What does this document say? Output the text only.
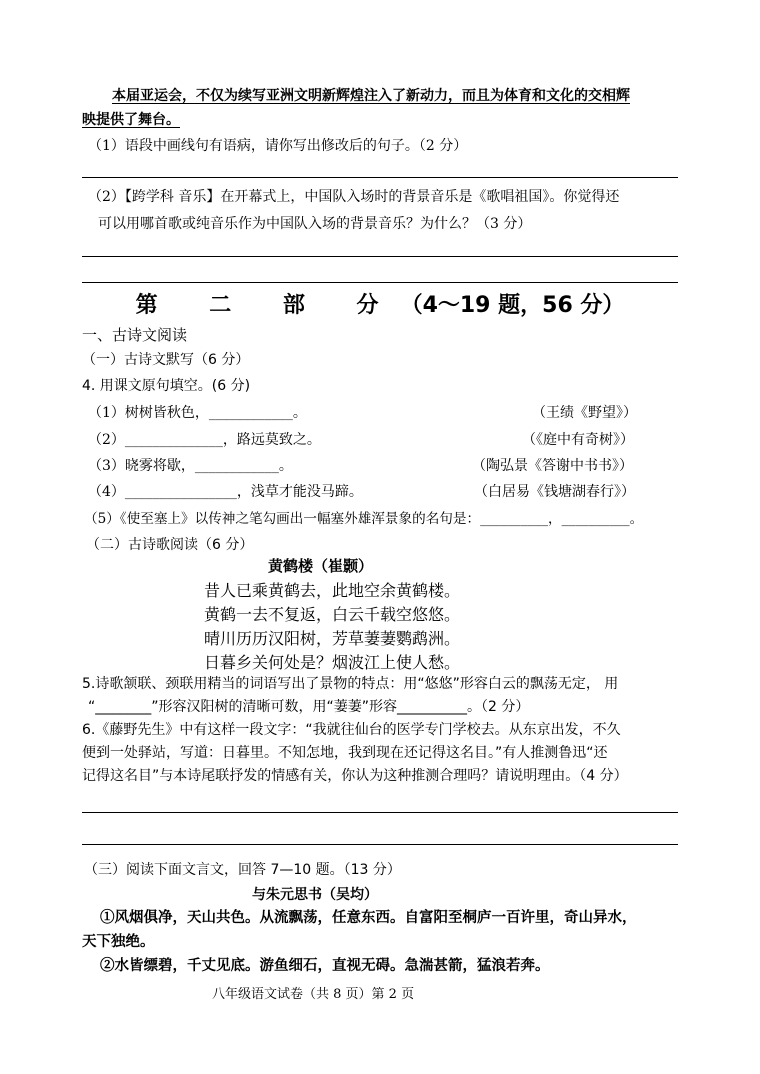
本届亚运会，不仅为续写亚洲文明新辉煌注入了新动力，而且为体育和文化的交相辉
映提供了舞台。
（1）语段中画线句有语病，请你写出修改后的句子。（2 分）
（2）【跨学科 音乐】在开幕式上，中国队入场时的背景音乐是《歌唱祖国》。你觉得还
可以用哪首歌或纯音乐作为中国队入场的背景音乐？为什么？（3 分）
第 二 部 分（4～19 题，56 分）
一、古诗文阅读
（一）古诗文默写（6 分）
4. 用课文原句填空。(6 分)
（1）树树皆秋色，____________。	（王绩《野望》）
（2）______________，路远莫致之。	（《庭中有奇树》）
（3）晓雾将歇，____________。	（陶弘景《答谢中书书》）
（4）________________，浅草才能没马蹄。	（白居易《钱塘湖春行》）
（5）《使至塞上》以传神之笔勾画出一幅塞外雄浑景象的名句是：__________，__________。
（二）古诗歌阅读（6 分）
黄鹤楼（崔颢）
昔人已乘黄鹤去，此地空余黄鹤楼。
黄鹤一去不复返，白云千载空悠悠。
晴川历历汉阳树，芳草萋萋鹦鹉洲。
日暮乡关何处是？烟波江上使人愁。
5.诗歌颔联、颈联用精当的词语写出了景物的特点：用“悠悠”形容白云的飘荡无定， 用
“________”形容汉阳树的清晰可数，用“萋萋”形容__________。（2 分）
6.《藤野先生》中有这样一段文字：“我就往仙台的医学专门学校去。从东京出发，不久
便到一处驿站，写道：日暮里。不知怎地，我到现在还记得这名目。”有人推测鲁迅“还
记得这名目”与本诗尾联抒发的情感有关，你认为这种推测合理吗？请说明理由。（4 分）
（三）阅读下面文言文，回答 7—10 题。（13 分）
与朱元思书（吴均）
①风烟俱净，天山共色。从流飘荡，任意东西。自富阳至桐庐一百许里，奇山异水，
天下独绝。
②水皆缥碧，千丈见底。游鱼细石，直视无碍。急湍甚箭，猛浪若奔。
八年级语文试卷（共 8 页）第 2 页
